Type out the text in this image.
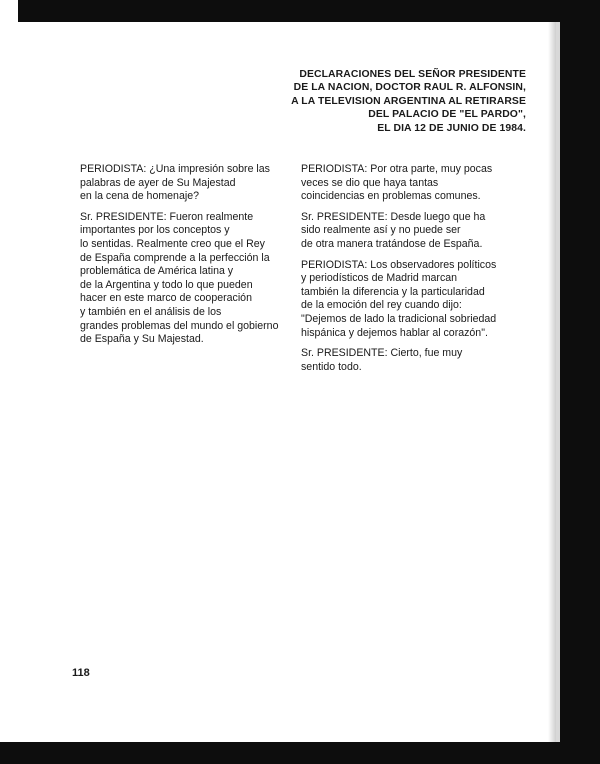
DECLARACIONES DEL SEÑOR PRESIDENTE
DE LA NACION, DOCTOR RAUL R. ALFONSIN,
A LA TELEVISION ARGENTINA AL RETIRARSE
DEL PALACIO DE "EL PARDO",
EL DIA 12 DE JUNIO DE 1984.

PERIODISTA: ¿Una impresión sobre las
palabras de ayer de Su Majestad
en la cena de homenaje?

Sr. PRESIDENTE: Fueron realmente
importantes por los conceptos y
lo sentidas. Realmente creo que el Rey
de España comprende a la perfección la
problemática de América latina y
de la Argentina y todo lo que pueden
hacer en este marco de cooperación
y también en el análisis de los
grandes problemas del mundo el gobierno
de España y Su Majestad.

PERIODISTA: Por otra parte, muy pocas
veces se dio que haya tantas
coincidencias en problemas comunes.

Sr. PRESIDENTE: Desde luego que ha
sido realmente así y no puede ser
de otra manera tratándose de España.

PERIODISTA: Los observadores políticos
y periodísticos de Madrid marcan
también la diferencia y la particularidad
de la emoción del rey cuando dijo:
"Dejemos de lado la tradicional sobriedad
hispánica y dejemos hablar al corazón".

Sr. PRESIDENTE: Cierto, fue muy
sentido todo.

118
